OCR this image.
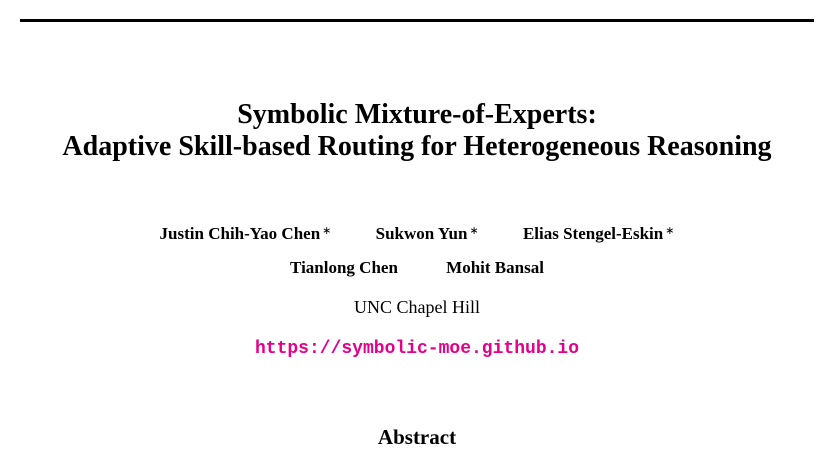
Symbolic Mixture-of-Experts:
Adaptive Skill-based Routing for Heterogeneous Reasoning
Justin Chih-Yao Chen ∗	Sukwon Yun ∗	Elias Stengel-Eskin ∗
Tianlong Chen	Mohit Bansal
UNC Chapel Hill
https://symbolic-moe.github.io
Abstract
